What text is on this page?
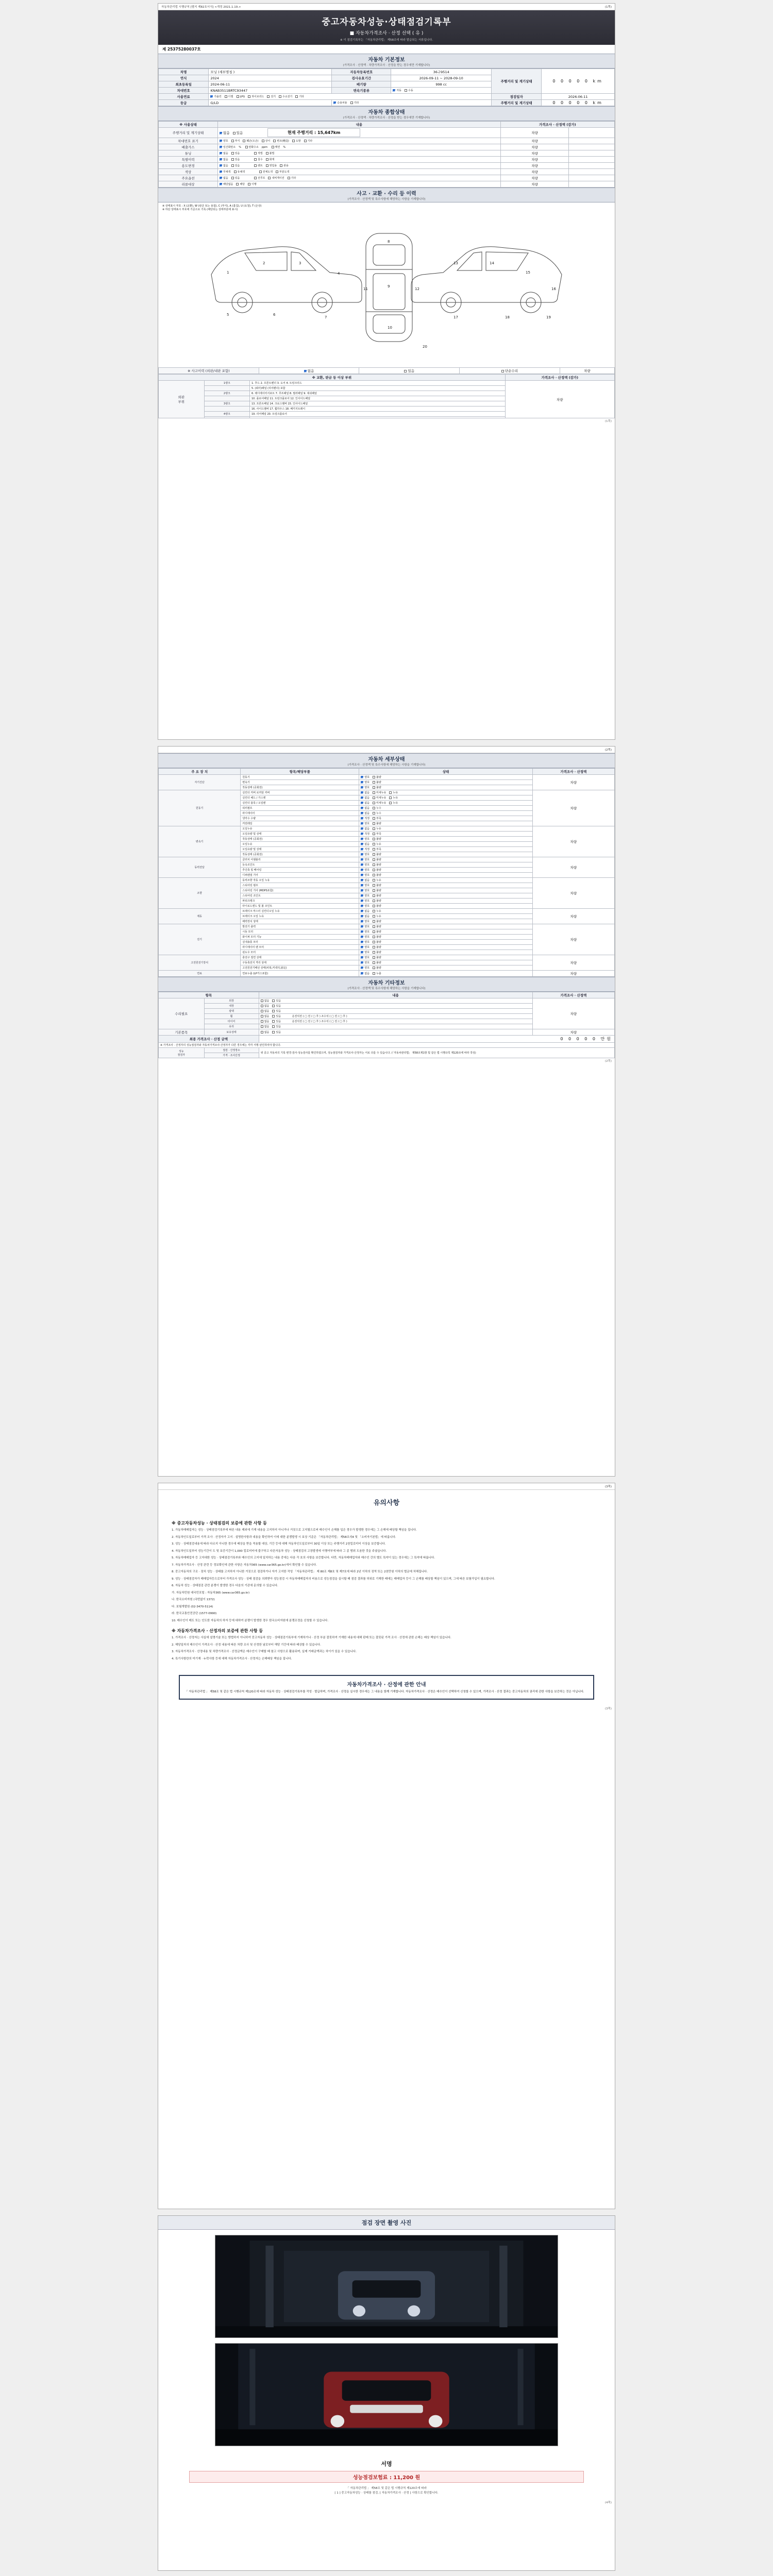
자동차관리법 시행규칙 [별지 제82호서식] <개정 2021.1.19.>	(1쪽)
중고자동차성능·상태점검기록부
■ 자동차가격조사 · 산정 선택 ( 유 )
※ 이 점검기록부는 「자동차관리법」 제58조에 따라 발급되는 서류입니다.
제 25375280037호
자동차 기본정보
(가격조사 · 산정액 · 차량가격조사 · 산정을 받는 경우에만 기재합니다)
차명	모닝 (세부명칭 )	자동차등록번호	36구9514	주행거리 및 계기상태	0 0 0 0 0 km

연식	2024	검사유효기간	2026-09-11 ~ 2028-09-10		
최초등록일	2024-06-11	배기량	998 cc		
차대번호	KNAB3511BRTC93447	변속기종류	자동 수동		
사용연료	가솔린 디젤 LPG 하이브리드 전기 수소전기 기타			점검일자	2026-06-11
등급	G/LD	승용차용 기타		주행거리 및 계기상태	0 0 0 0 0 km
자동차 종합상태
(가격조사 · 산정액 · 차량가격조사 · 산정을 받는 경우에만 기재합니다)
※ 사용상태	내용	가격조사 · 산정액 (감가)	
주행거리 및 계기상태	없음 있음 현재 주행거리 : 15,647km	차량	
차대번호 표기	양호 부식 훼손(오손) 상이 변조(變造) 도말 기타	차량	
배출가스	일산화탄소 % 탄화수소 ppm 매연 %	차량	
튜닝	없음 있음 적법 불법	차량	
특별이력	없음 있음 침수 화재	차량	
용도변경	없음 있음 렌트 영업용 관용	차량	
색상	무채색 유채색 전체도색 부분도색	차량	
주요옵션	없음 있음 선루프 내비게이션 기타	차량	
리콜대상	해당없음 해당 이행	차량	
사고 · 교환 · 수리 등 이력
(가격조사 · 산정액 및 특수사항에 해당하는 사항을 기재합니다)
※ 상태표시 부호 : X (교환), W (판금 또는 용접), C (부식), A (흠집), U (요철), T (손상)
※ 하단 상태표시 부호에 기준으로 기록 (해당되는 상태부분에 표시)
1
2	3
4
5	6
7
8
9
10
11	12
13	14
15
16
17	18	19
20
※ 사고이력 (외판/내판 포함)	없음	있음	단순수리	차량
※ 교환, 판금 등 이상 부위			가격조사 · 산정액 (감가)
외판
부위	1랭크	1. 후드 2. 프론트펜더 3. 도어 4. 트렁크리드	차량
		5. (쿼터)패널 (리어펜더) 포함	
	2랭크	6. 레디에이터서포트 7. 루프패널 8. 필러패널 9. 대쉬패널	
		10. 플로어패널 11. 트렁크플로어 12. 인사이드패널	
	3랭크	13. 프론트패널 14. 크로스멤버 15. 인사이드패널	
		16. 사이드멤버 17. 휠하우스 18. 패키지트레이	
	4랭크	19. 리어패널 20. 트렁크플로어	

(1쪽)
(2쪽)
자동차 세부상태
(가격조사 · 산정액 및 특수사항에 해당하는 사항을 기재합니다)
주 요 장 치	항목/해당부품	상태	가격조사 · 산정액
자기진단	원동기	양호 불량	차량
	변속기	양호 불량	
	작동상태 (공회전)	양호 불량	
원동기	실린더 커버 로커암 커버	없음 미세누유 누유	차량
	실린더 헤드 / 가스켓	없음 미세누유 누유	
	실린더 블록 / 오일팬	없음 미세누유 누유	
	워터펌프	없음 누수	
	라디에이터	없음 누수	
	냉각수 수량	적정 부족	
	커먼레일	양호 불량	
변속기	오일누유	없음 누유	차량
	오일유량 및 상태	적정 부족	
	작동상태 (공회전)	양호 불량	
	오일누유	없음 누유	
	오일유량 및 상태	적정 부족	
	작동상태 (공회전)	양호 불량	
동력전달	클러치 어셈블리	양호 불량	차량
	등속조인트	양호 불량	
	추진축 및 베어링	양호 불량	
	디퍼렌셜 기어	양호 불량	
조향	동력조향 작동 오일 누유	없음 누유	차량
	스티어링 펌프	양호 불량	
	스티어링 기어 (MDPS포함)	양호 불량	
	스티어링 조인트	양호 불량	
	파워크랭크	양호 불량	
	타이로드엔드 및 볼 조인트	양호 불량	
제동	브레이크 마스터 실린더오일 누유	없음 누유	차량
	브레이크 오일 누유	없음 누유	
	배력장치 상태	양호 불량	
전기	발전기 출력	양호 불량	차량
	시동 모터	양호 불량	
	와이퍼 모터 기능	양호 불량	
	실내송풍 모터	양호 불량	
	라디에이터 팬 모터	양호 불량	
	윈도우 모터	양호 불량	
고전원전기장치	충전구 절연 상태	양호 불량	차량
	구동축전지 격리 상태	양호 불량	
	고전원전기배선 상태(피복,커넥터,固定)	양호 불량	
연료	연료누출 (LP가스포함)	없음 누출	차량
자동차 기타정보
(가격조사 · 산정액 및 특수사항에 해당하는 사항을 기재합니다)
항목		내용	가격조사 · 산정액
수리필요	외장	없음 있음	차량
	내장	없음 있음	
	광택	없음 있음	
	휠	없음 있음 운전석전 ( □ 전 / □ 후 ) 조수석 ( □ 전 / □ 후 )	
	타이어	없음 있음 운전석전 ( □ 전 / □ 후 ) 조수석 ( □ 전 / □ 후 )	
	유리	없음 있음	
기본품목	보유상태	없음 있음	차량
최종 가격조사 · 산정 금액		0 0 0 0 0 만원	
※ 가격조사 · 산정자의 성능점검자와 자동차가격조사·산정자가 다른 경우에는 각각 서명·날인하여야 합니다.			
성능
점검자	점검 · 산정장소	위 중고 자동차의 기록 변경·검사·성능검사를 확인하였으며, 성능점검자와 가격조사·산정자는 서로 다를 수 있습니다. (「자동차관리법」 제58조제1항 및 같은 법 시행규칙 제120조에 따라 작성)	
	가격 · 조사산정		
(2쪽)
(3쪽)
유의사항
※ 중고자동차성능 · 상태점검의 보증에 관한 사항 등

1. 가동차매매업자는 성능 · 상태점검기록부에 따른 내용 제외에 기재 내용을 고지하지 아니거나 거짓으로 고지될으로써 매수인이 손해를 입은 경우가 발생한 경우에는 그 손해에 배상할 책임을 집니다.

2. 자동차인도일로부터 가격 조사 · 산정자가 고지 · 설명한사항과 내용을 확인하여 이에 대한 분쟁발생 시 보상 기준은 「자동차관리법」 제58조의4 및 「소비자기본법」에 따릅니다.

3. 성능 · 상태점검내용에 따라 다르지 아니한 경우에 배상을 받을 적용할 대상, 기간 등에 대해 자동차인도일로부터 30일 이상 또는 주행거리 2천킬로미터 이상을 보증합니다.

4. 자동차인도일부터 성능기간이 도 및 보증기간이 1,000 킬로미터에 불구하고 다른자동차 성능 · 상태점검의 고장발생에 이행여부에 따라 그 종 범위 도움한 것을 주셨습니다.

5. 자동차매매업자 등 고지대한 성능 · 상태점검기록부와 매수인의 고지에 일치하는 내용 중에는 다음 각 호의 사항을 보증합니다. 다만, 자동차매매업자와 매수인 간의 별도 특약이 있는 경우에는 그 특약에 따릅니다.

7. 자동차가격조사 · 산정 관련 등 정보확인에 관한 사항은 자동차365 (www.car365.go.kr)에서 확인할 수 있습니다.

8. 중고자동차의 구조 · 장치 성능 · 상태를 고지하지 아니한 거짓으로 점검하거나 자가 고지한 작성 「자동차관리법」 제 80조 제8호 및 제7호에 따라 2년 이하의 징역 또는 2천만원 이하의 벌금에 처해집니다.

9. 성능 · 상태점검자가 매매업자등으로부터 가격조사 성능 · 상태 점검을 의뢰받아 성능점검 시 자동차매매업자의 비용으로 성능점검을 실시할 때 점검 결과를 허위로 기재한 때에는 매매업자 등이 그 손해를 배상할 책임이 있으며, 그에 따른 보험가입이 필요합니다.

6. 자동차 성능 · 상태점검 관련 분쟁이 발생한 경우 다음의 기관에 문의할 수 있습니다.

가. 자동차민원 대국민포털 : 자동차365 (www.car365.go.kr)

나. 한국소비자원 (국번없이 1372)

다. 보험개발원 (02-3470-5114)

라. 한국교통안전공단 (1577-0990)

10. 매수인이 매도 또는 인도한 자동차의 하자 등에 대하여 분쟁이 발생한 경우 한국소비자원에 분쟁조정을 신청할 수 있습니다.

※ 자동차가격조사 · 산정자의 보증에 관한 사항 등

1. 가격조사 · 산정자는 사실에 설명기술 또는 방법하지 아니하여 중고자동차 성능 · 상태점검기록부에 기재하거나 · 산정 부분 잘못하여 기재한 내용에 대해 판매 또는 잘못된 가격 조사 · 산정에 관한 손해는 배상 책임이 있습니다.

2. 해당일자의 매수인이 가격조사 · 산정 내용에 따른 차량 조사 및 산정한 날로부터 해당 기간에 따라 배상할 수 있습니다.

3. 자동차가격조사 · 산정내용 및 차량가격조사 · 산정금액은 매수인이 구매할 때 참고 사항으로 활용되며, 실제 거래금액과는 차이가 있을 수 있습니다.

4. 특기사항란의 미기재 · 누락사항 등에 대해 자동차가격조사 · 산정자는 손해배상 책임을 집니다.

자동차가격조사 · 산정에 관한 안내
「 자동차관리법 」 제58조 및 같은 법 시행규칙 제120조에 따라 자동차 성능 · 상태점검기록부를 작성 · 발급하며, 가격조사 · 산정을 실시한 경우에는 그 내용을 함께 기재합니다. 자동차가격조사 · 산정은 매수인이 선택하여 신청할 수 있으며, 가격조사 · 산정 결과는 중고자동차의 권리에 관한 사항을 보증하는 것은 아닙니다.
(3쪽)
점검 장면 촬영 사진
서명
성능점검보험료 : 11,200 원
「 자동차관리법 」 제58조 및 같은 법 시행규칙 제120조에 따라
[ 1 ] 중고자동차성능 · 상태를 점검, [ 자동차가격조사 · 산정 ] 사항으로 확인합니다.
(4쪽)
